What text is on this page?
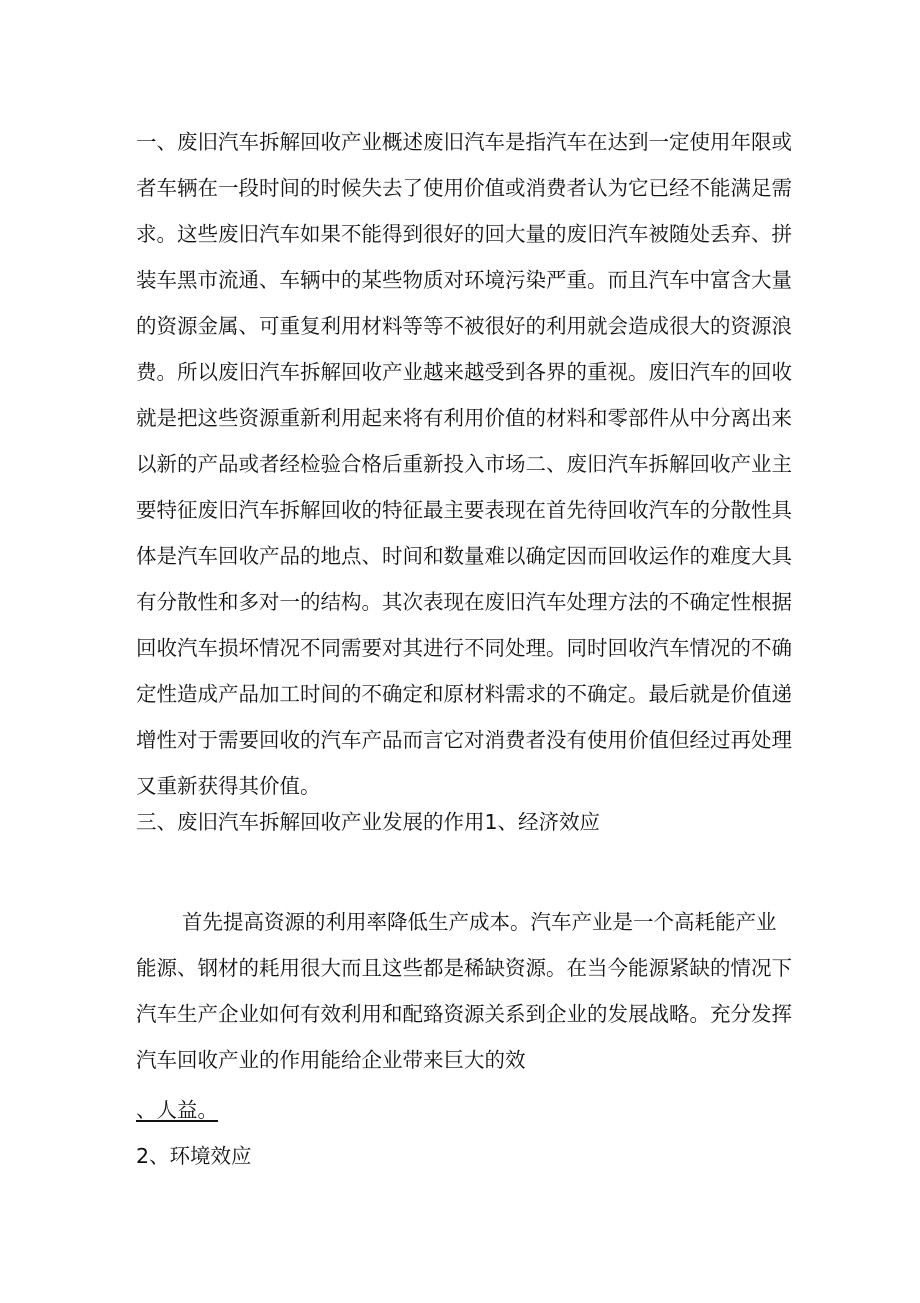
一、废旧汽车拆解回收产业概述废旧汽车是指汽车在达到一定使用年限或
者车辆在一段时间的时候失去了使用价值或消费者认为它已经不能满足需
求。这些废旧汽车如果不能得到很好的回大量的废旧汽车被随处丢弃、拼
装车黑市流通、车辆中的某些物质对环境污染严重。而且汽车中富含大量
的资源金属、可重复利用材料等等不被很好的利用就会造成很大的资源浪
费。所以废旧汽车拆解回收产业越来越受到各界的重视。废旧汽车的回收
就是把这些资源重新利用起来将有利用价值的材料和零部件从中分离出来
以新的产品或者经检验合格后重新投入市场二、废旧汽车拆解回收产业主
要特征废旧汽车拆解回收的特征最主要表现在首先待回收汽车的分散性具
体是汽车回收产品的地点、时间和数量难以确定因而回收运作的难度大具
有分散性和多对一的结构。其次表现在废旧汽车处理方法的不确定性根据
回收汽车损坏情况不同需要对其进行不同处理。同时回收汽车情况的不确
定性造成产品加工时间的不确定和原材料需求的不确定。最后就是价值递
增性对于需要回收的汽车产品而言它对消费者没有使用价值但经过再处理
又重新获得其价值。
三、废旧汽车拆解回收产业发展的作用1、经济效应
首先提高资源的利用率降低生产成本。汽车产业是一个高耗能产业
能源、钢材的耗用很大而且这些都是稀缺资源。在当今能源紧缺的情况下
汽车生产企业如何有效利用和配臵资源关系到企业的发展战略。充分发挥
汽车回收产业的作用能给企业带来巨大的效
、人益。
2、环境效应
